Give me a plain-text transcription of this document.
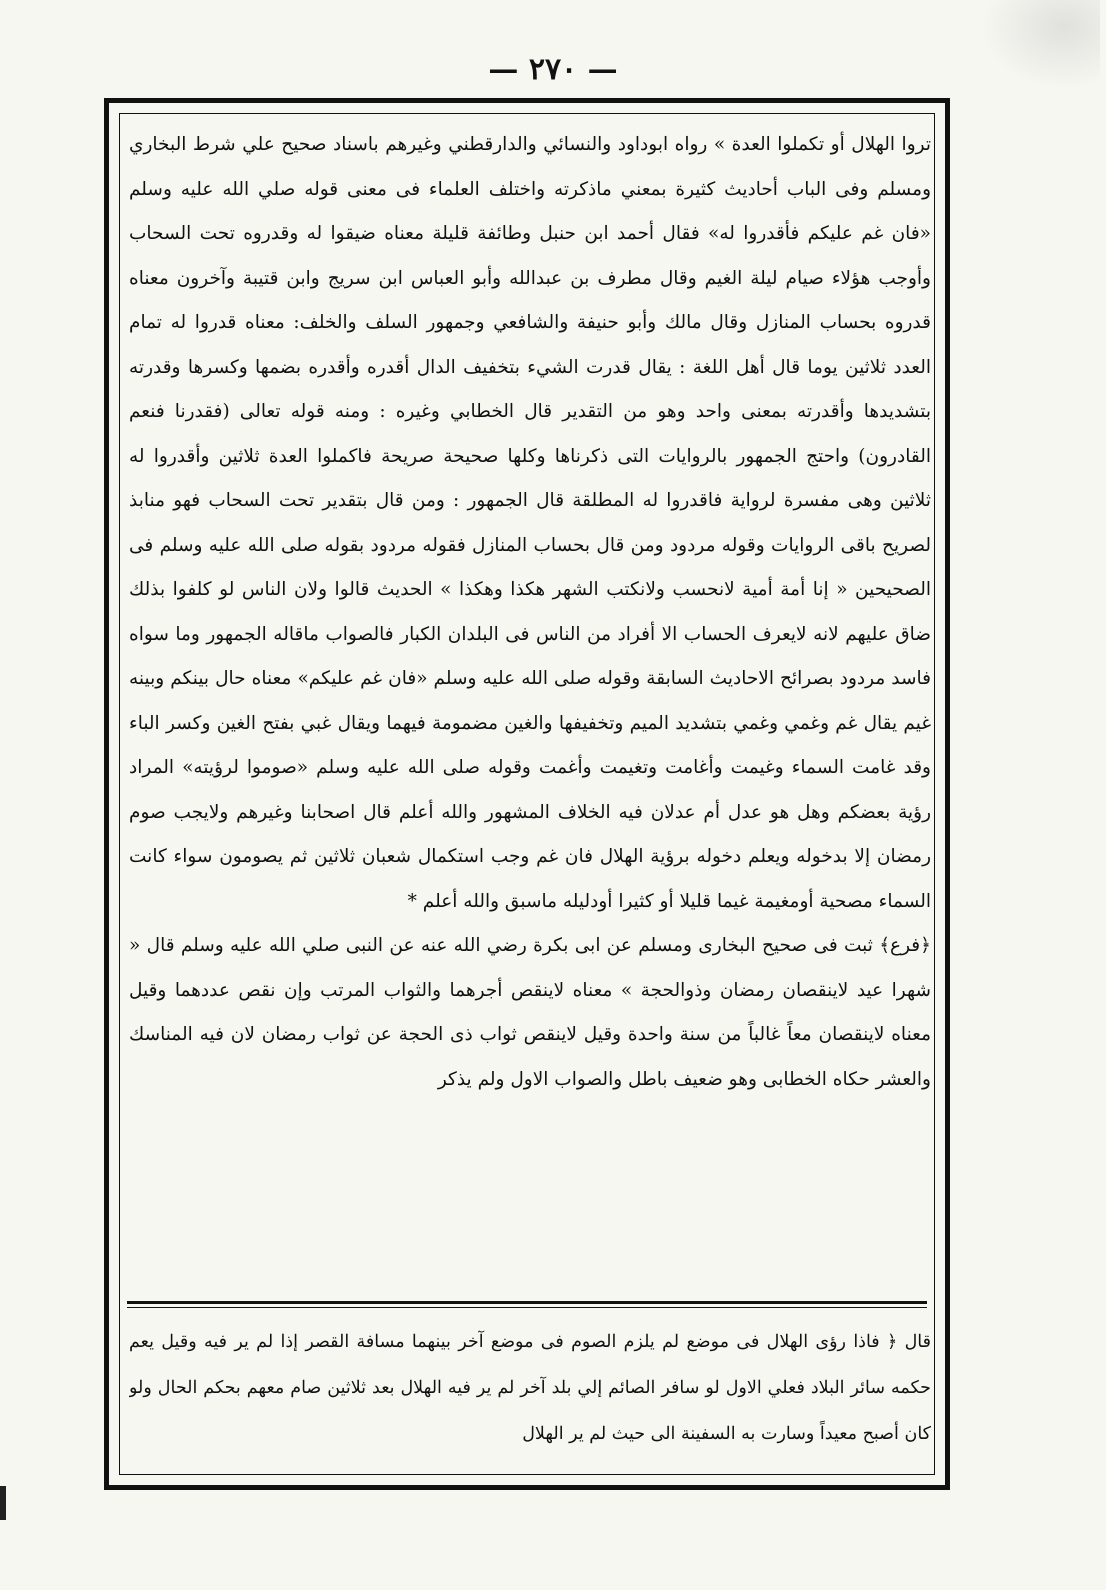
— ٢٧٠ —

تروا الهلال أو تكملوا العدة » رواه ابوداود والنسائي والدارقطني وغيرهم باسناد صحيح علي شرط البخاري ومسلم وفى الباب أحاديث كثيرة بمعني ماذكرته واختلف العلماء فى معنى قوله صلي الله عليه وسلم «فان غم عليكم فأقدروا له» فقال أحمد ابن حنبل وطائفة قليلة معناه ضيقوا له وقدروه تحت السحاب وأوجب هؤلاء صيام ليلة الغيم وقال مطرف بن عبدالله وأبو العباس ابن سريج وابن قتيبة وآخرون معناه قدروه بحساب المنازل وقال مالك وأبو حنيفة والشافعي وجمهور السلف والخلف: معناه قدروا له تمام العدد ثلاثين يوما قال أهل اللغة : يقال قدرت الشيء بتخفيف الدال أقدره وأقدره بضمها وكسرها وقدرته بتشديدها وأقدرته بمعنى واحد وهو من التقدير قال الخطابي وغيره : ومنه قوله تعالى (فقدرنا فنعم القادرون) واحتج الجمهور بالروايات التى ذكرناها وكلها صحيحة صريحة فاكملوا العدة ثلاثين وأقدروا له ثلاثين وهى مفسرة لرواية فاقدروا له المطلقة قال الجمهور : ومن قال بتقدير تحت السحاب فهو منابذ لصريح باقى الروايات وقوله مردود ومن قال بحساب المنازل فقوله مردود بقوله صلى الله عليه وسلم فى الصحيحين « إنا أمة أمية لانحسب ولانكتب الشهر هكذا وهكذا » الحديث قالوا ولان الناس لو كلفوا بذلك ضاق عليهم لانه لايعرف الحساب الا أفراد من الناس فى البلدان الكبار فالصواب ماقاله الجمهور وما سواه فاسد مردود بصرائح الاحاديث السابقة وقوله صلى الله عليه وسلم «فان غم عليكم» معناه حال بينكم وبينه غيم يقال غم وغمي وغمي بتشديد الميم وتخفيفها والغين مضمومة فيهما ويقال غبي بفتح الغين وكسر الباء وقد غامت السماء وغيمت وأغامت وتغيمت وأغمت وقوله صلى الله عليه وسلم «صوموا لرؤيته» المراد رؤية بعضكم وهل هو عدل أم عدلان فيه الخلاف المشهور والله أعلم قال اصحابنا وغيرهم ولايجب صوم رمضان إلا بدخوله ويعلم دخوله برؤية الهلال فان غم وجب استكمال شعبان ثلاثين ثم يصومون سواء كانت السماء مصحية أومغيمة غيما قليلا أو كثيرا أودليله ماسبق والله أعلم *

﴿فرع﴾ ثبت فى صحيح البخارى ومسلم عن ابى بكرة رضي الله عنه عن النبى صلي الله عليه وسلم قال « شهرا عيد لاينقصان رمضان وذوالحجة » معناه لاينقص أجرهما والثواب المرتب وإن نقص عددهما وقيل معناه لاينقصان معاً غالباً من سنة واحدة وقيل لاينقص ثواب ذى الحجة عن ثواب رمضان لان فيه المناسك والعشر حكاه الخطابى وهو ضعيف باطل والصواب الاول ولم يذكر

قال ﴿ فاذا رؤى الهلال فى موضع لم يلزم الصوم فى موضع آخر بينهما مسافة القصر إذا لم ير فيه وقيل يعم حكمه سائر البلاد فعلي الاول لو سافر الصائم إلي بلد آخر لم ير فيه الهلال بعد ثلاثين صام معهم بحكم الحال ولو كان أصبح معيداً وسارت به السفينة الى حيث لم ير الهلال
